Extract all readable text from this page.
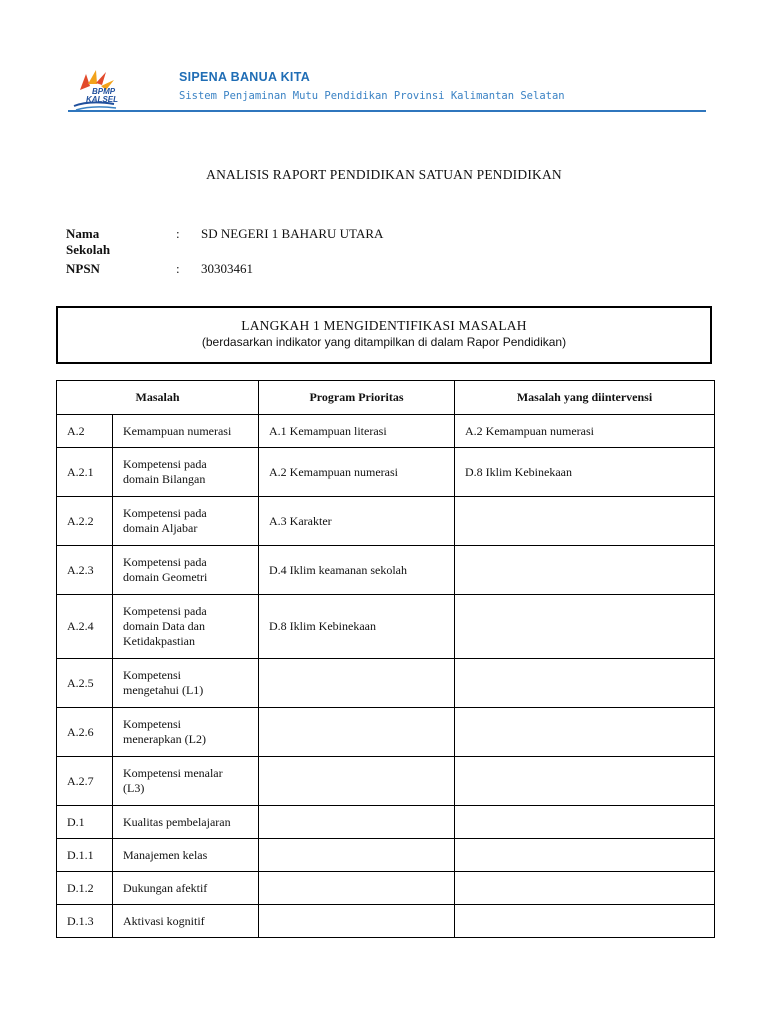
BPMP
KALSEL
SIPENA BANUA KITA
Sistem Penjaminan Mutu Pendidikan Provinsi Kalimantan Selatan
ANALISIS RAPORT PENDIDIKAN SATUAN PENDIDIKAN
Nama Sekolah
: SD NEGERI 1 BAHARU UTARA
NPSN	: 30303461
LANGKAH 1 MENGIDENTIFIKASI MASALAH
(berdasarkan indikator yang ditampilkan di dalam Rapor Pendidikan)
Masalah		Program Prioritas	Masalah yang diintervensi
A.2	Kemampuan numerasi	A.1 Kemampuan literasi	A.2 Kemampuan numerasi
A.2.1	Kompetensi pada
domain Bilangan	A.2 Kemampuan numerasi	D.8 Iklim Kebinekaan
A.2.2	Kompetensi pada
domain Aljabar	A.3 Karakter	
A.2.3	Kompetensi pada
domain Geometri	D.4 Iklim keamanan sekolah	
A.2.4	Kompetensi pada
domain Data dan
Ketidakpastian	D.8 Iklim Kebinekaan	
A.2.5	Kompetensi
mengetahui (L1)		

A.2.6	Kompetensi
menerapkan (L2)		

A.2.7	Kompetensi menalar
(L3)		

D.1	Kualitas pembelajaran		

D.1.1	Manajemen kelas		

D.1.2	Dukungan afektif		

D.1.3	Aktivasi kognitif		
